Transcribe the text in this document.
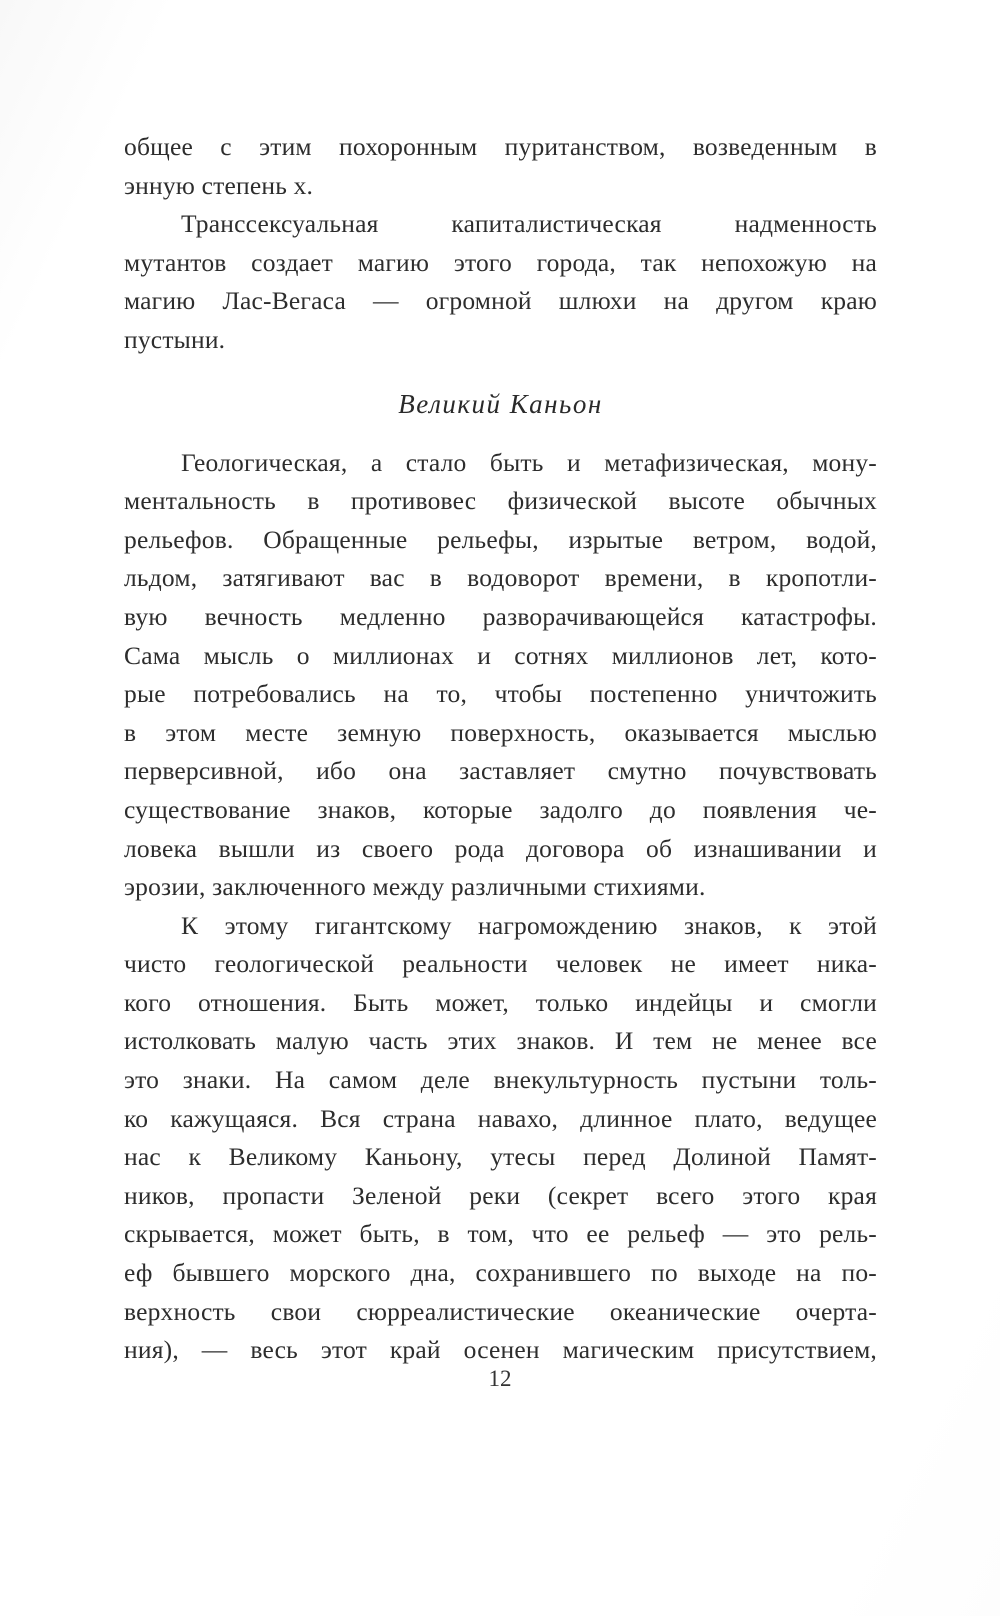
общее с этим похоронным пуританством, возведенным в
энную степень x.
Транссексуальная капиталистическая надменность
мутантов создает магию этого города, так непохожую на
магию Лас-Вегаса — огромной шлюхи на другом краю
пустыни.
Великий Каньон
Геологическая, а стало быть и метафизическая, мону-
ментальность в противовес физической высоте обычных
рельефов. Обращенные рельефы, изрытые ветром, водой,
льдом, затягивают вас в водоворот времени, в кропотли-
вую вечность медленно разворачивающейся катастрофы.
Сама мысль о миллионах и сотнях миллионов лет, кото-
рые потребовались на то, чтобы постепенно уничтожить
в этом месте земную поверхность, оказывается мыслью
перверсивной, ибо она заставляет смутно почувствовать
существование знаков, которые задолго до появления че-
ловека вышли из своего рода договора об изнашивании и
эрозии, заключенного между различными стихиями.
К этому гигантскому нагромождению знаков, к этой
чисто геологической реальности человек не имеет ника-
кого отношения. Быть может, только индейцы и смогли
истолковать малую часть этих знаков. И тем не менее все
это знаки. На самом деле внекультурность пустыни толь-
ко кажущаяся. Вся страна навахо, длинное плато, ведущее
нас к Великому Каньону, утесы перед Долиной Памят-
ников, пропасти Зеленой реки (секрет всего этого края
скрывается, может быть, в том, что ее рельеф — это рель-
еф бывшего морского дна, сохранившего по выходе на по-
верхность свои сюрреалистические океанические очерта-
ния), — весь этот край осенен магическим присутствием,
12
